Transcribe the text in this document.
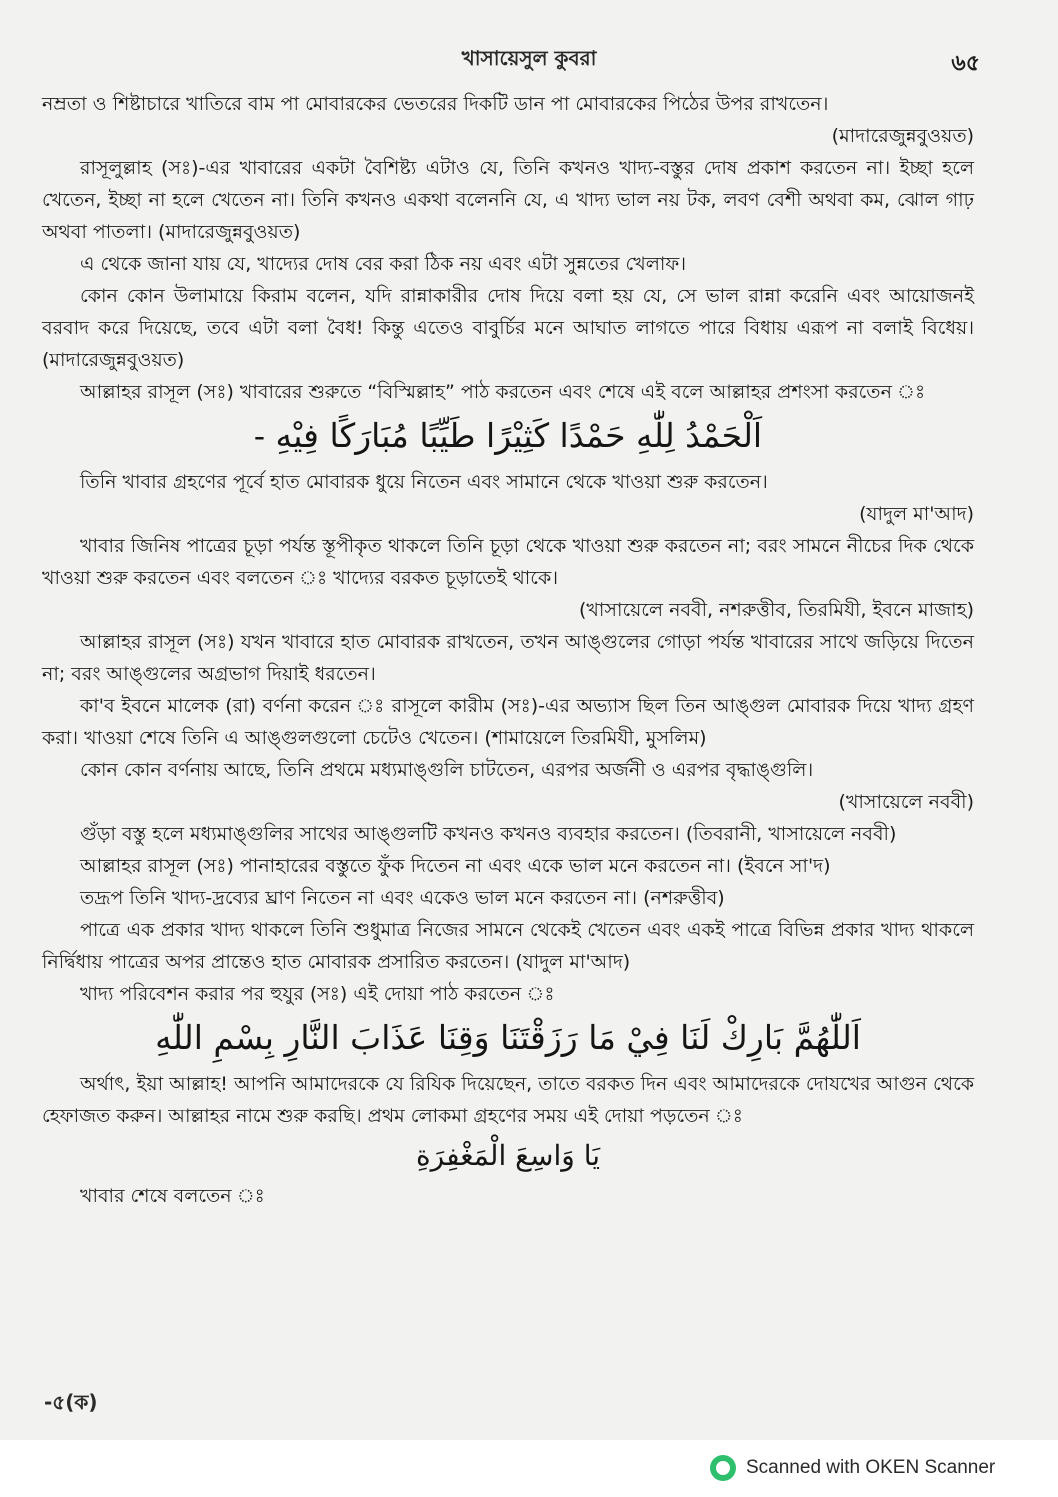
খাসায়েসুল কুবরা	৬৫

নম্রতা ও শিষ্টাচারে খাতিরে বাম পা মোবারকের ভেতরের দিকটি ডান পা মোবারকের পিঠের উপর রাখতেন।

(মাদারেজুন্নবুওয়ত)

রাসূলুল্লাহ (সঃ)-এর খাবারের একটা বৈশিষ্ট্য এটাও যে, তিনি কখনও খাদ্য-বস্তুর দোষ প্রকাশ করতেন না। ইচ্ছা হলে খেতেন, ইচ্ছা না হলে খেতেন না। তিনি কখনও একথা বলেননি যে, এ খাদ্য ভাল নয় টক, লবণ বেশী অথবা কম, ঝোল গাঢ় অথবা পাতলা। (মাদারেজুন্নবুওয়ত)

এ থেকে জানা যায় যে, খাদ্যের দোষ বের করা ঠিক নয় এবং এটা সুন্নতের খেলাফ।

কোন কোন উলামায়ে কিরাম বলেন, যদি রান্নাকারীর দোষ দিয়ে বলা হয় যে, সে ভাল রান্না করেনি এবং আয়োজনই বরবাদ করে দিয়েছে, তবে এটা বলা বৈধ! কিন্তু এতেও বাবুর্চির মনে আঘাত লাগতে পারে বিধায় এরূপ না বলাই বিধেয়। (মাদারেজুন্নবুওয়ত)

আল্লাহর রাসূল (সঃ) খাবারের শুরুতে “বিস্মিল্লাহ” পাঠ করতেন এবং শেষে এই বলে আল্লাহর প্রশংসা করতেন ঃ

اَلْحَمْدُ لِلّٰهِ حَمْدًا كَثِيْرًا طَيِّبًا مُبَارَكًا فِيْهِ -

তিনি খাবার গ্রহণের পূর্বে হাত মোবারক ধুয়ে নিতেন এবং সামানে থেকে খাওয়া শুরু করতেন।

(যাদুল মা'আদ)

খাবার জিনিষ পাত্রের চূড়া পর্যন্ত স্তূপীকৃত থাকলে তিনি চূড়া থেকে খাওয়া শুরু করতেন না; বরং সামনে নীচের দিক থেকে খাওয়া শুরু করতেন এবং বলতেন ঃ খাদ্যের বরকত চূড়াতেই থাকে।

(খাসায়েলে নববী, নশরুত্তীব, তিরমিযী, ইবনে মাজাহ)

আল্লাহর রাসূল (সঃ) যখন খাবারে হাত মোবারক রাখতেন, তখন আঙ্গুলের গোড়া পর্যন্ত খাবারের সাথে জড়িয়ে দিতেন না; বরং আঙ্গুলের অগ্রভাগ দিয়াই ধরতেন।

কা'ব ইবনে মালেক (রা) বর্ণনা করেন ঃ রাসূলে কারীম (সঃ)-এর অভ্যাস ছিল তিন আঙ্গুল মোবারক দিয়ে খাদ্য গ্রহণ করা। খাওয়া শেষে তিনি এ আঙ্গুলগুলো চেটেও খেতেন। (শামায়েলে তিরমিযী, মুসলিম)

কোন কোন বর্ণনায় আছে, তিনি প্রথমে মধ্যমাঙ্গুলি চাটতেন, এরপর অর্জনী ও এরপর বৃদ্ধাঙ্গুলি।

(খাসায়েলে নববী)

গুঁড়া বস্তু হলে মধ্যমাঙ্গুলির সাথের আঙ্গুলটি কখনও কখনও ব্যবহার করতেন। (তিবরানী, খাসায়েলে নববী)

আল্লাহর রাসূল (সঃ) পানাহারের বস্তুতে ফুঁক দিতেন না এবং একে ভাল মনে করতেন না। (ইবনে সা'দ)

তদ্রূপ তিনি খাদ্য-দ্রব্যের ঘ্রাণ নিতেন না এবং একেও ভাল মনে করতেন না। (নশরুত্তীব)

পাত্রে এক প্রকার খাদ্য থাকলে তিনি শুধুমাত্র নিজের সামনে থেকেই খেতেন এবং একই পাত্রে বিভিন্ন প্রকার খাদ্য থাকলে নির্দ্বিধায় পাত্রের অপর প্রান্তেও হাত মোবারক প্রসারিত করতেন। (যাদুল মা'আদ)

খাদ্য পরিবেশন করার পর হুযুর (সঃ) এই দোয়া পাঠ করতেন ঃ

اَللّٰهُمَّ بَارِكْ لَنَا فِيْ مَا رَزَقْتَنَا وَقِنَا عَذَابَ النَّارِ بِسْمِ اللّٰهِ

অর্থাৎ, ইয়া আল্লাহ! আপনি আমাদেরকে যে রিযিক দিয়েছেন, তাতে বরকত দিন এবং আমাদেরকে দোযখের আগুন থেকে হেফাজত করুন। আল্লাহর নামে শুরু করছি। প্রথম লোকমা গ্রহণের সময় এই দোয়া পড়তেন ঃ

يَا وَاسِعَ الْمَغْفِرَةِ

খাবার শেষে বলতেন ঃ

-৫(ক)
Scanned with OKEN Scanner
